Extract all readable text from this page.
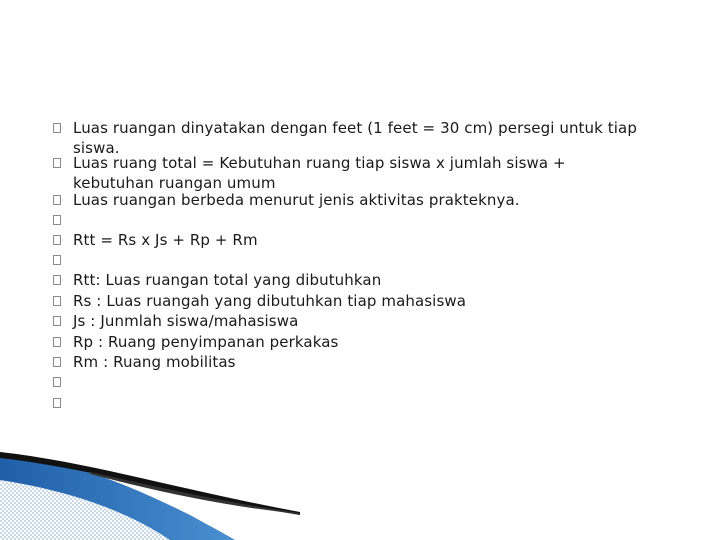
Luas ruangan dinyatakan dengan feet (1 feet = 30 cm) persegi untuk tiap
siswa.
Luas ruang total = Kebutuhan ruang tiap siswa x jumlah siswa +
kebutuhan ruangan umum
Luas ruangan berbeda menurut jenis aktivitas prakteknya.
Rtt = Rs x Js + Rp + Rm
Rtt: Luas ruangan total yang dibutuhkan
Rs : Luas ruangah yang dibutuhkan tiap mahasiswa
Js : Junmlah siswa/mahasiswa
Rp : Ruang penyimpanan perkakas
Rm : Ruang mobilitas
